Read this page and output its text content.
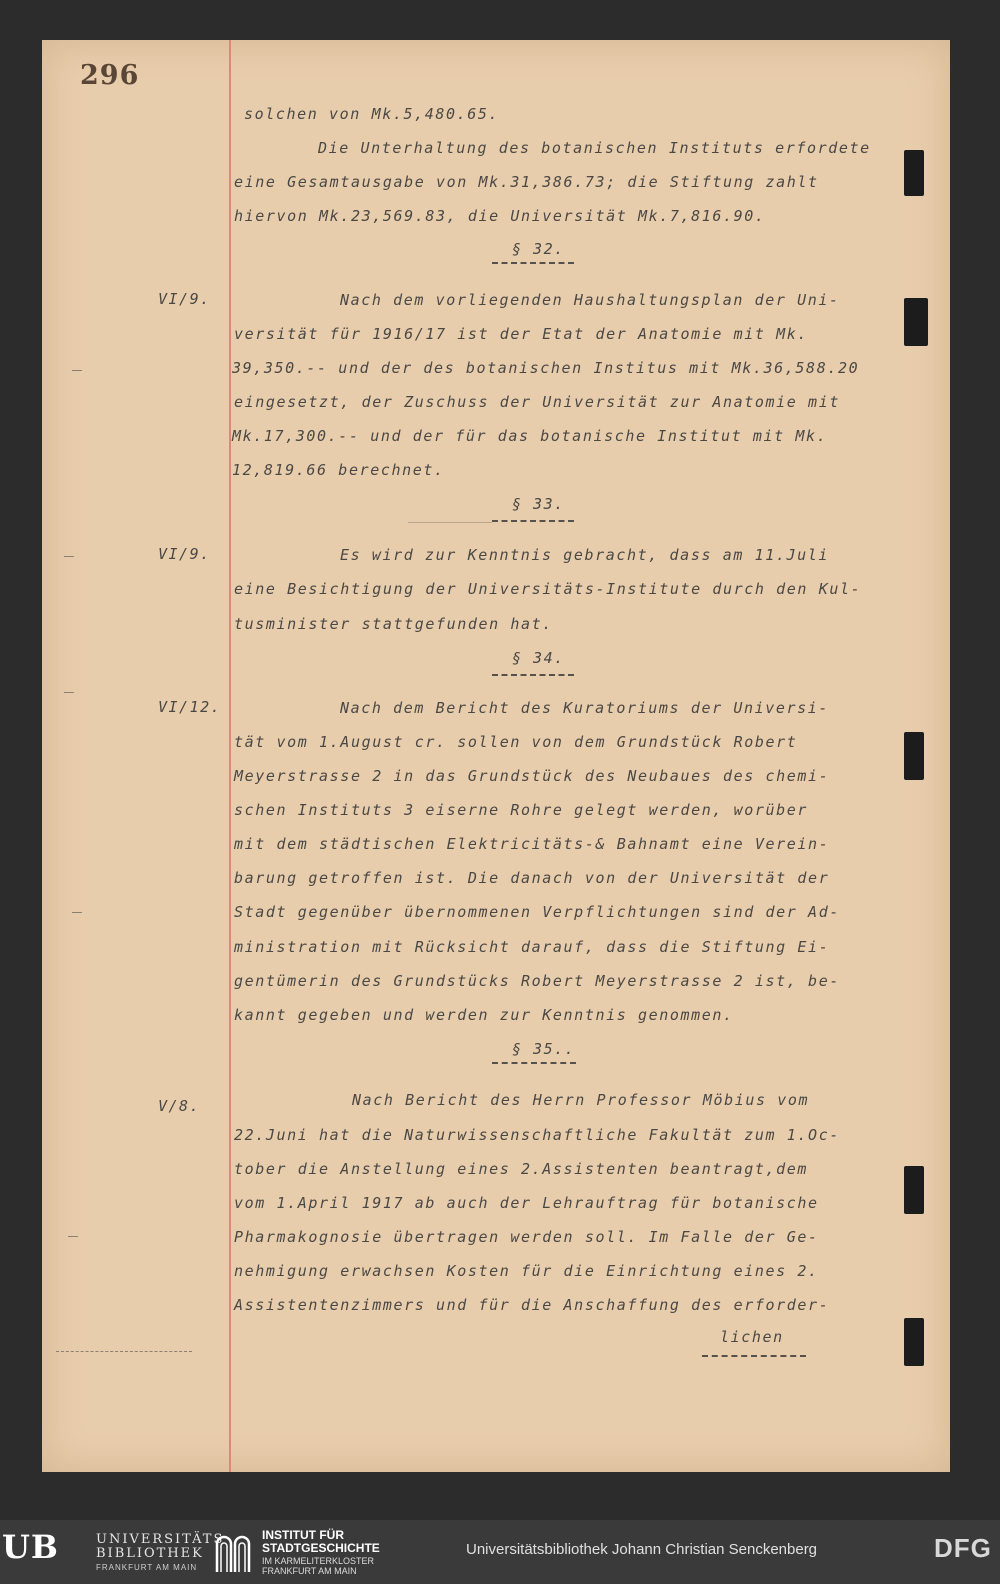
296
VI/9.
VI/9.
VI/12.
V/8.
solchen von Mk.5,480.65.
Die Unterhaltung des botanischen Instituts erfordete
eine Gesamtausgabe von Mk.31,386.73; die Stiftung zahlt
hiervon Mk.23,569.83, die Universität Mk.7,816.90.
§ 32.
Nach dem vorliegenden Haushaltungsplan der Uni-
versität für 1916/17 ist der Etat der Anatomie mit Mk.
39,350.-- und der des botanischen Institus mit Mk.36,588.20
eingesetzt, der Zuschuss der Universität zur Anatomie mit
Mk.17,300.-- und der für das botanische Institut mit Mk.
12,819.66 berechnet.
§ 33.
Es wird zur Kenntnis gebracht, dass am 11.Juli
eine Besichtigung der Universitäts-Institute durch den Kul-
tusminister stattgefunden hat.
§ 34.
Nach dem Bericht des Kuratoriums der Universi-
tät vom 1.August cr. sollen von dem Grundstück Robert
Meyerstrasse 2 in das Grundstück des Neubaues des chemi-
schen Instituts 3 eiserne Rohre gelegt werden, worüber
mit dem städtischen Elektricitäts-& Bahnamt eine Verein-
barung getroffen ist. Die danach von der Universität der
Stadt gegenüber übernommenen Verpflichtungen sind der Ad-
ministration mit Rücksicht darauf, dass die Stiftung Ei-
gentümerin des Grundstücks Robert Meyerstrasse 2 ist, be-
kannt gegeben und werden zur Kenntnis genommen.
§ 35..
Nach Bericht des Herrn Professor Möbius vom
22.Juni hat die Naturwissenschaftliche Fakultät zum 1.Oc-
tober die Anstellung eines 2.Assistenten beantragt,dem
vom 1.April 1917 ab auch der Lehrauftrag für botanische
Pharmakognosie übertragen werden soll. Im Falle der Ge-
nehmigung erwachsen Kosten für die Einrichtung eines 2.
Assistentenzimmers und für die Anschaffung des erforder-
lichen
UB	UNIVERSITÄTS
BIBLIOTHEK
FRANKFURT AM MAIN
INSTITUT FÜR
STADTGESCHICHTE
IM KARMELITERKLOSTER
FRANKFURT AM MAIN
Universitätsbibliothek Johann Christian Senckenberg	DFG
